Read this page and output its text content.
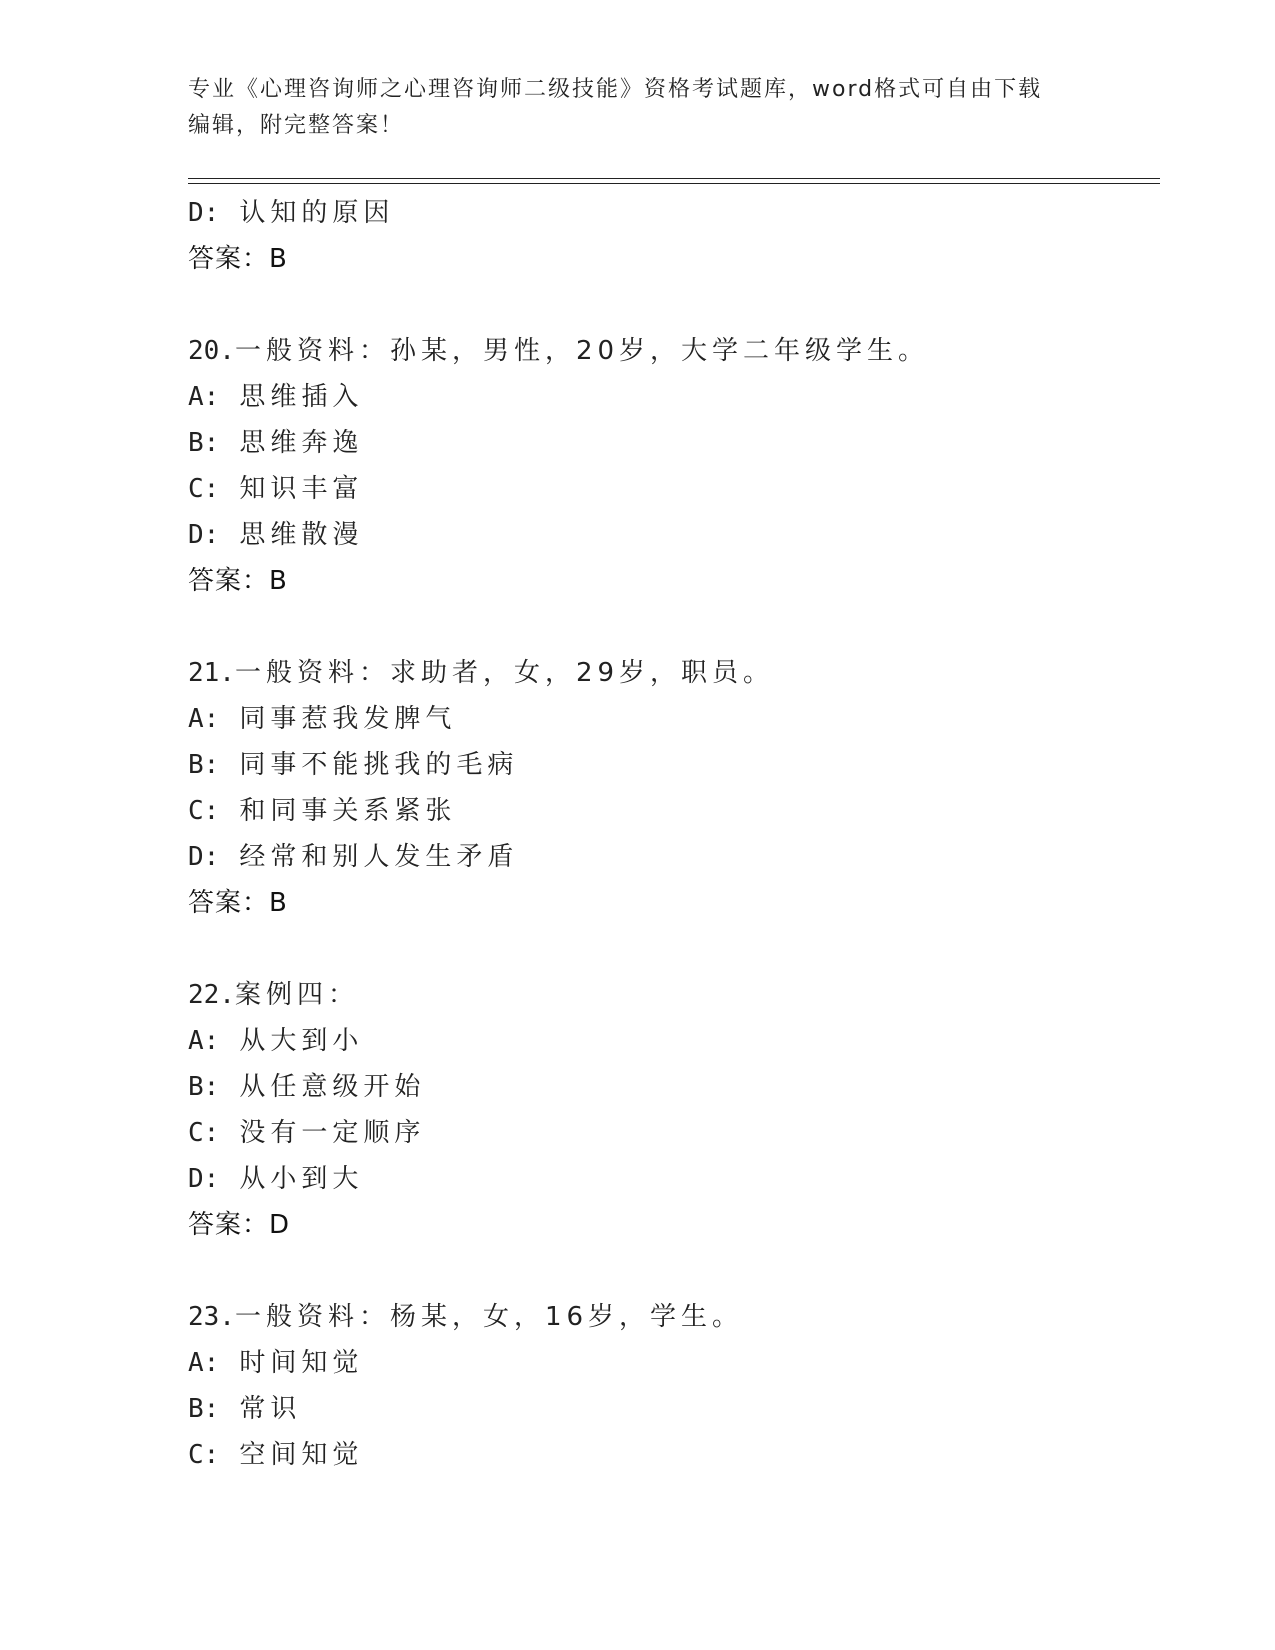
专业《心理咨询师之心理咨询师二级技能》资格考试题库，word格式可自由下载
编辑，附完整答案！
D: 认知的原因
答案：B
20.一般资料：孙某，男性，20岁，大学二年级学生。
A: 思维插入
B: 思维奔逸
C: 知识丰富
D: 思维散漫
答案：B
21.一般资料：求助者，女，29岁，职员。
A: 同事惹我发脾气
B: 同事不能挑我的毛病
C: 和同事关系紧张
D: 经常和别人发生矛盾
答案：B
22.案例四：
A: 从大到小
B: 从任意级开始
C: 没有一定顺序
D: 从小到大
答案：D
23.一般资料：杨某，女，16岁，学生。
A: 时间知觉
B: 常识
C: 空间知觉
